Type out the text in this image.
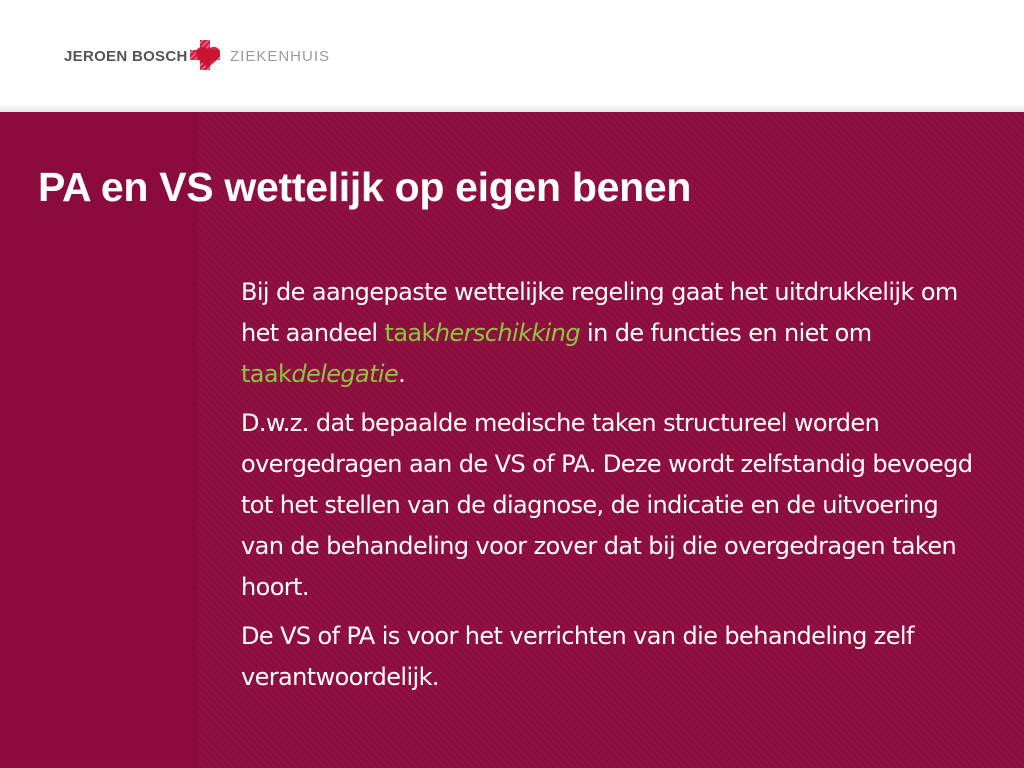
JEROEN BOSCH	ZIEKENHUIS
PA en VS wettelijk op eigen benen

Bij de aangepaste wettelijke regeling gaat het uitdrukkelijk om het aandeel taakherschikking in de functies en niet om taakdelegatie.

D.w.z. dat bepaalde medische taken structureel worden overgedragen aan de VS of PA. Deze wordt zelfstandig bevoegd tot het stellen van de diagnose, de indicatie en de uitvoering van de behandeling voor zover dat bij die overgedragen taken hoort.

De VS of PA is voor het verrichten van die behandeling zelf verantwoordelijk.
